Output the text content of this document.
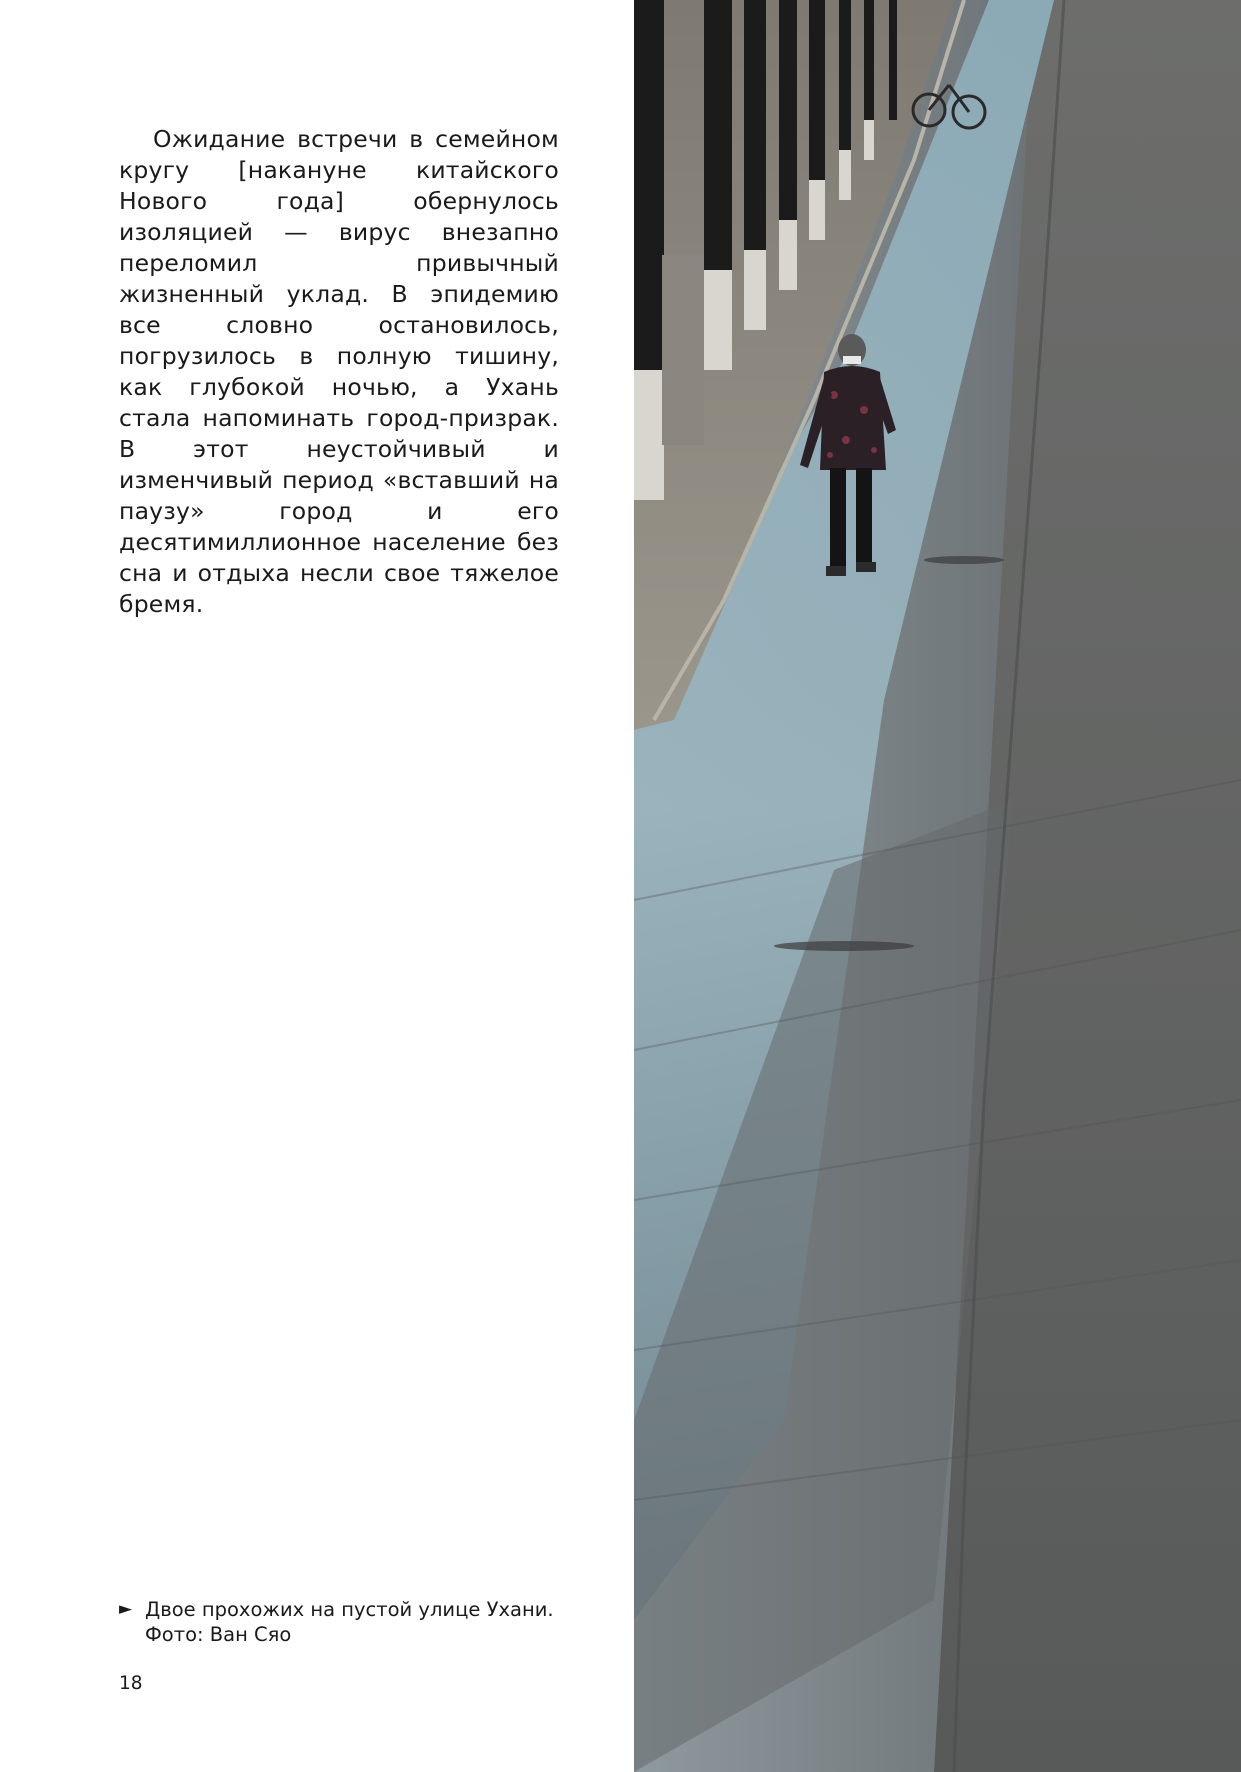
Ожидание встречи в семейном кругу [накануне китайского Нового года] обернулось изоляцией — вирус внезапно переломил привычный жизненный уклад. В эпидемию все словно остановилось, погрузилось в полную тишину, как глубокой ночью, а Ухань стала напоминать город-призрак. В этот неустойчивый и изменчивый период «вставший на паузу» город и его десятимиллионное население без сна и отдыха несли свое тяжелое бремя.

► Двое прохожих на пустой улице Ухани.
Фото: Ван Сяо
18
